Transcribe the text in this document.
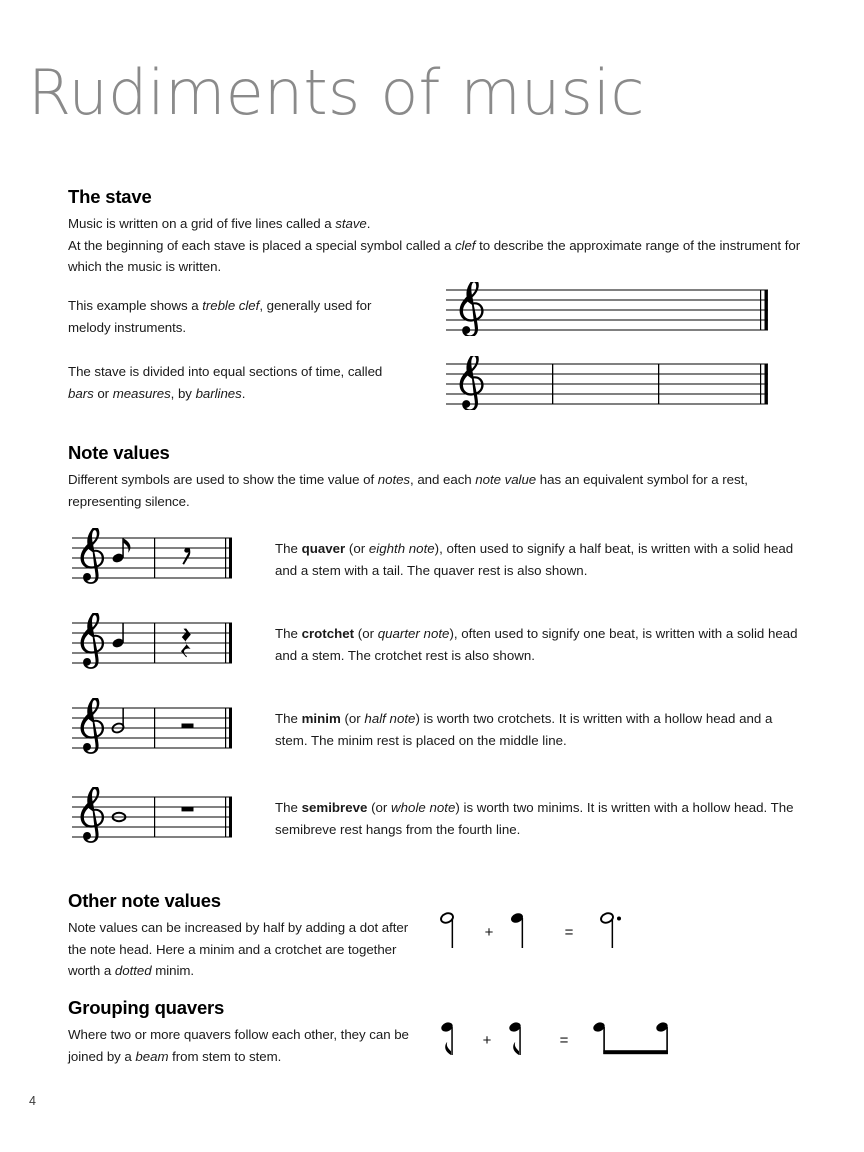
Rudiments of music
The stave

Music is written on a grid of five lines called a stave.

At the beginning of each stave is placed a special symbol called a clef to describe the approximate range of the instrument for which the music is written.

This example shows a treble clef, generally used for melody instruments.

The stave is divided into equal sections of time, called bars or measures, by barlines.

Note values

Different symbols are used to show the time value of notes, and each note value has an equivalent symbol for a rest, representing silence.

The quaver (or eighth note), often used to signify a half beat, is written with a solid head and a stem with a tail. The quaver rest is also shown.
The crotchet (or quarter note), often used to signify one beat, is written with a solid head and a stem. The crotchet rest is also shown.
The minim (or half note) is worth two crotchets. It is written with a hollow head and a stem. The minim rest is placed on the middle line.
The semibreve (or whole note) is worth two minims. It is written with a hollow head. The semibreve rest hangs from the fourth line.
Other note values

Note values can be increased by half by adding a dot after the note head. Here a minim and a crotchet are together worth a dotted minim.

+	=
Grouping quavers

Where two or more quavers follow each other, they can be joined by a beam from stem to stem.

+	=
4
